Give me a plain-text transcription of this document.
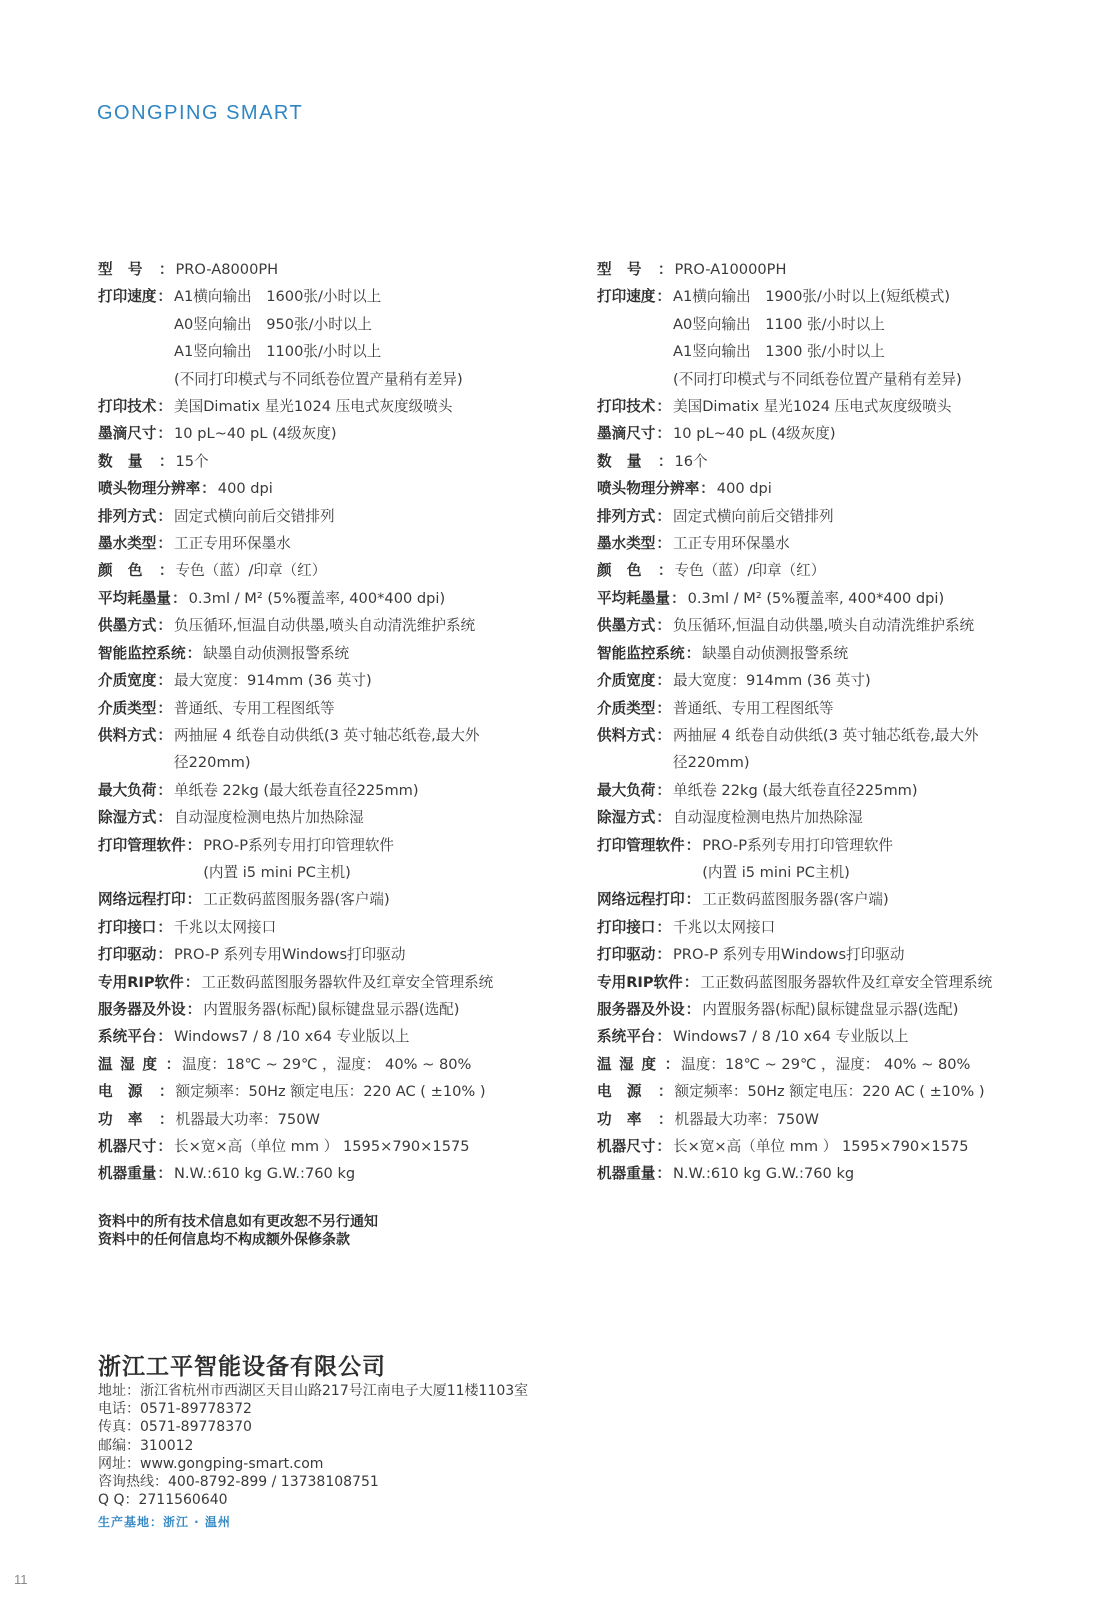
GONGPING SMART
型号 ： PRO-A8000PH
打印速度 ： A1横向输出　1600张/小时以上
A0竖向输出　950张/小时以上
A1竖向输出　1100张/小时以上
(不同打印模式与不同纸卷位置产量稍有差异)
打印技术 ： 美国Dimatix 星光1024 压电式灰度级喷头
墨滴尺寸 ： 10 pL~40 pL (4级灰度)
数量 ： 15个
喷头物理分辨率 ： 400 dpi
排列方式 ： 固定式横向前后交错排列
墨水类型 ： 工正专用环保墨水
颜色 ： 专色（蓝）/印章（红）
平均耗墨量 ： 0.3ml / M² (5%覆盖率, 400*400 dpi)
供墨方式 ： 负压循环,恒温自动供墨,喷头自动清洗维护系统
智能监控系统 ： 缺墨自动侦测报警系统
介质宽度 ： 最大宽度：914mm (36 英寸)
介质类型 ： 普通纸、专用工程图纸等
供料方式 ： 两抽屉 4 纸卷自动供纸(3 英寸轴芯纸卷,最大外
径220mm)
最大负荷 ： 单纸卷 22kg (最大纸卷直径225mm)
除湿方式 ： 自动湿度检测电热片加热除湿
打印管理软件 ： PRO-P系列专用打印管理软件
(内置 i5 mini PC主机)
网络远程打印 ： 工正数码蓝图服务器(客户端)
打印接口 ： 千兆以太网接口
打印驱动 ： PRO-P 系列专用Windows打印驱动
专用RIP软件 ： 工正数码蓝图服务器软件及红章安全管理系统
服务器及外设 ： 内置服务器(标配)鼠标键盘显示器(选配)
系统平台 ： Windows7 / 8 /10 x64 专业版以上
温湿度 ： 温度：18℃ ~ 29℃ ，湿度： 40% ~ 80%
电源 ： 额定频率：50Hz 额定电压：220 AC ( ±10% )
功率 ： 机器最大功率：750W
机器尺寸 ： 长×宽×高（单位 mm ） 1595×790×1575
机器重量 ： N.W.:610 kg G.W.:760 kg
型号 ： PRO-A10000PH
打印速度 ： A1横向输出　1900张/小时以上(短纸模式)
A0竖向输出　1100 张/小时以上
A1竖向输出　1300 张/小时以上
(不同打印模式与不同纸卷位置产量稍有差异)
打印技术 ： 美国Dimatix 星光1024 压电式灰度级喷头
墨滴尺寸 ： 10 pL~40 pL (4级灰度)
数量 ： 16个
喷头物理分辨率 ： 400 dpi
排列方式 ： 固定式横向前后交错排列
墨水类型 ： 工正专用环保墨水
颜色 ： 专色（蓝）/印章（红）
平均耗墨量 ： 0.3ml / M² (5%覆盖率, 400*400 dpi)
供墨方式 ： 负压循环,恒温自动供墨,喷头自动清洗维护系统
智能监控系统 ： 缺墨自动侦测报警系统
介质宽度 ： 最大宽度：914mm (36 英寸)
介质类型 ： 普通纸、专用工程图纸等
供料方式 ： 两抽屉 4 纸卷自动供纸(3 英寸轴芯纸卷,最大外
径220mm)
最大负荷 ： 单纸卷 22kg (最大纸卷直径225mm)
除湿方式 ： 自动湿度检测电热片加热除湿
打印管理软件 ： PRO-P系列专用打印管理软件
(内置 i5 mini PC主机)
网络远程打印 ： 工正数码蓝图服务器(客户端)
打印接口 ： 千兆以太网接口
打印驱动 ： PRO-P 系列专用Windows打印驱动
专用RIP软件 ： 工正数码蓝图服务器软件及红章安全管理系统
服务器及外设 ： 内置服务器(标配)鼠标键盘显示器(选配)
系统平台 ： Windows7 / 8 /10 x64 专业版以上
温湿度 ： 温度：18℃ ~ 29℃ ，湿度： 40% ~ 80%
电源 ： 额定频率：50Hz 额定电压：220 AC ( ±10% )
功率 ： 机器最大功率：750W
机器尺寸 ： 长×宽×高（单位 mm ） 1595×790×1575
机器重量 ： N.W.:610 kg G.W.:760 kg
资料中的所有技术信息如有更改恕不另行通知
资料中的任何信息均不构成额外保修条款
浙江工平智能设备有限公司
地址：浙江省杭州市西湖区天目山路217号江南电子大厦11楼1103室
电话：0571-89778372
传真：0571-89778370
邮编：310012
网址：www.gongping-smart.com
咨询热线：400-8792-899 / 13738108751
Q Q：2711560640
生产基地：浙江 · 温州
11
